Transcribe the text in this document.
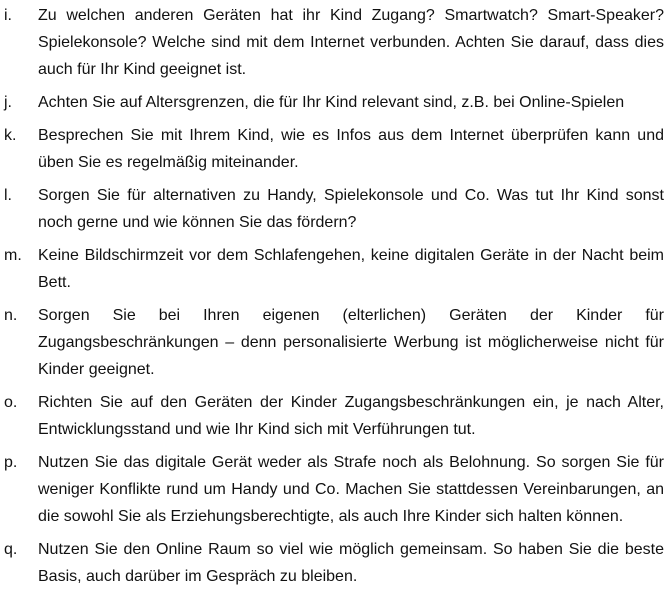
i.	Zu welchen anderen Geräten hat ihr Kind Zugang? Smartwatch? Smart-Speaker? Spielekonsole? Welche sind mit dem Internet verbunden. Achten Sie darauf, dass dies auch für Ihr Kind geeignet ist.

j.	Achten Sie auf Altersgrenzen, die für Ihr Kind relevant sind, z.B. bei Online-Spielen

k.	Besprechen Sie mit Ihrem Kind, wie es Infos aus dem Internet überprüfen kann und üben Sie es regelmäßig miteinander.

l.	Sorgen Sie für alternativen zu Handy, Spielekonsole und Co. Was tut Ihr Kind sonst noch gerne und wie können Sie das fördern?

m.	Keine Bildschirmzeit vor dem Schlafengehen, keine digitalen Geräte in der Nacht beim Bett.

n.	Sorgen Sie bei Ihren eigenen (elterlichen) Geräten der Kinder für Zugangsbeschränkungen – denn personalisierte Werbung ist möglicherweise nicht für Kinder geeignet.

o.	Richten Sie auf den Geräten der Kinder Zugangsbeschränkungen ein, je nach Alter, Entwicklungsstand und wie Ihr Kind sich mit Verführungen tut.

p.	Nutzen Sie das digitale Gerät weder als Strafe noch als Belohnung. So sorgen Sie für weniger Konflikte rund um Handy und Co. Machen Sie stattdessen Vereinbarungen, an die sowohl Sie als Erziehungsberechtigte, als auch Ihre Kinder sich halten können.

q.	Nutzen Sie den Online Raum so viel wie möglich gemeinsam. So haben Sie die beste Basis, auch darüber im Gespräch zu bleiben.
